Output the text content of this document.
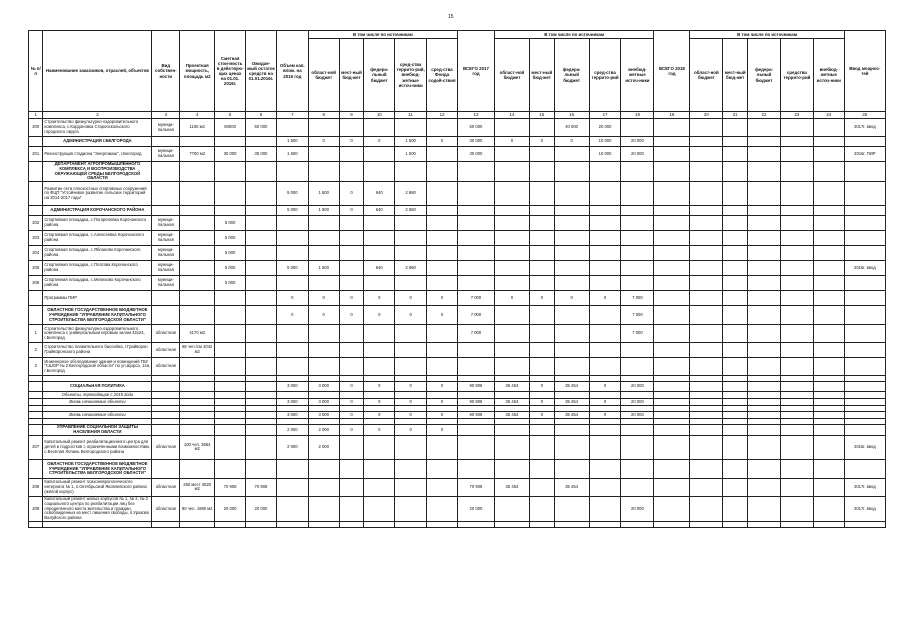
15
№ п/п	Наименование заказчиков, отраслей, объектов	Вид собствен-ности	Проектная мощность, площадь м2	Сметная стои-мость в действую-щих ценах на 01.01. 2016г.	Ожидае-мый остаток средств на 01.01.2016г.	Объем кап. влож. на 2016 год	В том числе по источникам					ВСЕГО 2017 год	В том числе по источникам					ВСЕГО 2018 год	В том числе по источникам					Ввод мощнос-тей
							област-ной бюджет	мест-ный бюд-жет	федера-льный бюджет	сред-ства террито-рий, внебюд-жетные источ-ники	сред-ства Фонда содей-ствия		област-ной бюджет	мест-ный бюд-жет	федера-льный бюджет	сред-ства террито-рий	внебюд-жетные источ-ники		област-ной бюджет	мест-ный бюд-жет	федера-льный бюджет	средства террито-рий	внебюд-жетные источ-ники	
1	2	3	4	5	6	7	8	9	10	11	12	13	14	15	16	17	18	19	20	21	22	23	24	25
200	Строительство физкультурно-оздоровительного комплекса, с.Кордоновка Старооскольского городского округа	муници-пальная	1100 м2	60000	60 000							60 000			40 000	20 000								2017г. ввод
	АДМИНИСТРАЦИЯ г.БЕЛГОРОДА					1 500	0	0	0	1 500	0	30 000	0	0	0	10 000	20 000							
201	Реконструкция стадиона "Энергомаш", г.Белгород	муници-пальная	7700 м2	30 000	30 000	1 500				1 500		30 000				10 000	20 000							2016г. ПИР
	ДЕПАРТАМЕНТ АГРОПРОМЫШЛЕННОГО КОМПЛЕКСА И ВОСПРОИЗВОДСТВА ОКРУЖАЮЩЕЙ СРЕДЫ БЕЛГОРОДСКОЙ ОБЛАСТИ																							
	Развитие сети плоскостных спортивных сооружений по ФЦП "Устойчивое развитие сельских территорий на 2014-2017 годы"					5 000	1 500	0	640	2 860														
	АДМИНИСТРАЦИЯ КОРОЧАНСКОГО РАЙОНА					5 000	1 500	0	640	2 860														
202	Спортивная площадка, с.Погореловка Корочанского района	муници-пальная		5 000																				
203	Спортивная площадка, с.Алексеевка Корочанского района	муници-пальная		5 000																				
204	Спортивная площадка, с.Ябланово Корочанского района	муници-пальная		5 000																				
205	Спортивная площадка, с.Плотава Корочанского района	муници-пальная		5 000		5 000	1 500		640	2 860														2016г. ввод
206	Спортивная площадка, с.Мелихово Корочанского района	муници-пальная		5 000																				
	Программы ПИР					0	0	0	0	0	0	7 000	0	0	0	0	7 000							
	ОБЛАСТНОЕ ГОСУДАРСТВЕННОЕ БЮДЖЕТНОЕ УЧРЕЖДЕНИЕ "УПРАВЛЕНИЕ КАПИТАЛЬНОГО СТРОИТЕЛЬСТВА БЕЛГОРОДСКОЙ ОБЛАСТИ"					0	0	0	0	0	0	7 000					7 000							
1	Строительство физкультурно-оздоровительного комплекса с универсальным игровым залом 42х24, г.Белгород	областная	4170 м2									7 000					7 000							
2	Строительство плавательного бассейна, г.Грайворон Грайворонского района	областная	68 чел./см 2042 м2																					
3	Инженерное обследование здания и помещений ГБУ "СШОР № 2 Белгородской области" по ул.Щорса, 14а, г.Белгород	областная																						

	СОЦИАЛЬНАЯ ПОЛИТИКА					3 000	3 000	0	0	0	0	90 908	35 454	0	35 454	0	20 000							
	Объекты, переходящие с 2015 года																							
	Вновь начинаемые объекты					3 000	3 000	0	0	0	0	90 908	35 454	0	35 454	0	20 000							

	Вновь начинаемые объекты					3 000	3 000	0	0	0	0	90 908	35 454	0	35 454	0	20 000							

	УПРАВЛЕНИЕ СОЦИАЛЬНОЙ ЗАЩИТЫ НАСЕЛЕНИЯ ОБЛАСТИ					2 000	2 000	0	0	0	0													
207	Капитальный ремонт реабилитационного центра для детей и подростков с ограниченными возможностями, с.Весёлая Лопань Белгородского района	областная	100 чел. 3664 м2			2 000	2 000																	2016г. ввод
	ОБЛАСТНОЕ ГОСУДАРСТВЕННОЕ БЮДЖЕТНОЕ УЧРЕЖДЕНИЕ "УПРАВЛЕНИЕ КАПИТАЛЬНОГО СТРОИТЕЛЬСТВА БЕЛГОРОДСКОЙ ОБЛАСТИ"																							
208	Капитальный ремонт психоневрологического интерната № 1, п.Октябрьский Яковлевского района (жилой корпус)	областная	250 мест 4520 м2	70 908	70 908							70 908	35 454		35 454									2017г. ввод
209	Капитальный ремонт жилых корпусов № 1, № 2, № 3 социального центра по реабилитации лиц без определенного места жительства и граждан, освобожденных из мест лишения свободы, п.Уразово Валуйского района	областная	90 чел. 1980 м2	20 000	20 000							20 000					20 000							2017г. ввод
